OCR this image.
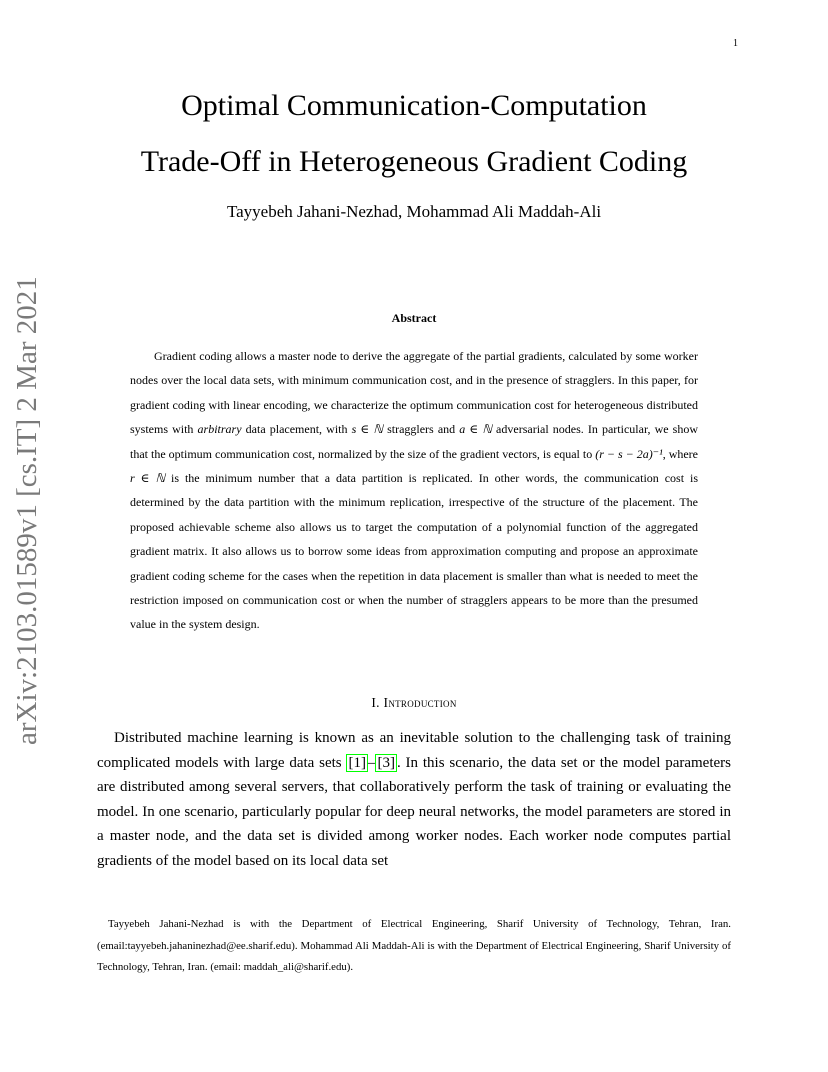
1
arXiv:2103.01589v1 [cs.IT] 2 Mar 2021
Optimal Communication-Computation
Trade-Off in Heterogeneous Gradient Coding
Tayyebeh Jahani-Nezhad, Mohammad Ali Maddah-Ali
Abstract

Gradient coding allows a master node to derive the aggregate of the partial gradients, calculated by some worker nodes over the local data sets, with minimum communication cost, and in the presence of stragglers. In this paper, for gradient coding with linear encoding, we characterize the optimum communication cost for heterogeneous distributed systems with arbitrary data placement, with s ∈ ℕ stragglers and a ∈ ℕ adversarial nodes. In particular, we show that the optimum communication cost, normalized by the size of the gradient vectors, is equal to (r − s − 2a)⁻¹, where r ∈ ℕ is the minimum number that a data partition is replicated. In other words, the communication cost is determined by the data partition with the minimum replication, irrespective of the structure of the placement. The proposed achievable scheme also allows us to target the computation of a polynomial function of the aggregated gradient matrix. It also allows us to borrow some ideas from approximation computing and propose an approximate gradient coding scheme for the cases when the repetition in data placement is smaller than what is needed to meet the restriction imposed on communication cost or when the number of stragglers appears to be more than the presumed value in the system design.

I. Introduction

Distributed machine learning is known as an inevitable solution to the challenging task of training complicated models with large data sets [1] – [3] . In this scenario, the data set or the model parameters are distributed among several servers, that collaboratively perform the task of training or evaluating the model. In one scenario, particularly popular for deep neural networks, the model parameters are stored in a master node, and the data set is divided among worker nodes. Each worker node computes partial gradients of the model based on its local data set

Tayyebeh Jahani-Nezhad is with the Department of Electrical Engineering, Sharif University of Technology, Tehran, Iran. (email:tayyebeh.jahaninezhad@ee.sharif.edu). Mohammad Ali Maddah-Ali is with the Department of Electrical Engineering, Sharif University of Technology, Tehran, Iran. (email: maddah_ali@sharif.edu).
